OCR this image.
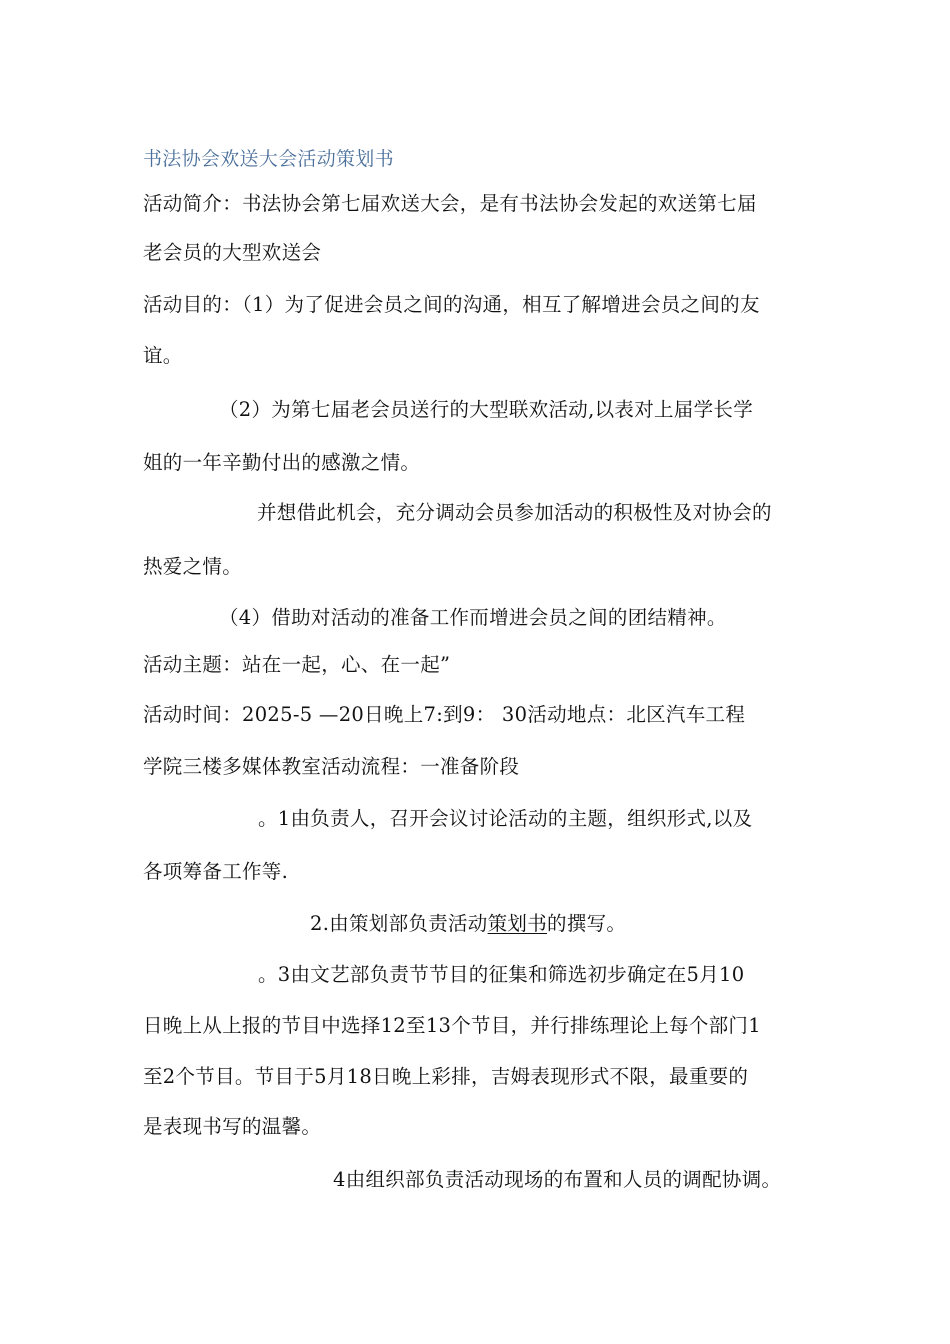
书法协会欢送大会活动策划书
活动简介：书法协会第七届欢送大会，是有书法协会发起的欢送第七届
老会员的大型欢送会
活动目的：（1）为了促进会员之间的沟通，相互了解增进会员之间的友
谊。
（2）为第七届老会员送行的大型联欢活动,以表对上届学长学
姐的一年辛勤付出的感激之情。
并想借此机会，充分调动会员参加活动的积极性及对协会的
热爱之情。
（4）借助对活动的准备工作而增进会员之间的团结精神。
活动主题：站在一起，心、在一起”
活动时间：2025-5 —20日晚上7:到9： 30活动地点：北区汽车工程
学院三楼多媒体教室活动流程：一准备阶段
。1由负责人，召开会议讨论活动的主题，组织形式,以及
各项筹备工作等.
2.由策划部负责活动策划书的撰写。
。3由文艺部负责节节目的征集和筛选初步确定在5月10
日晚上从上报的节目中选择12至13个节目，并行排练理论上每个部门1
至2个节目。节目于5月18日晚上彩排，吉姆表现形式不限，最重要的
是表现书写的温馨。
4由组织部负责活动现场的布置和人员的调配协调。
